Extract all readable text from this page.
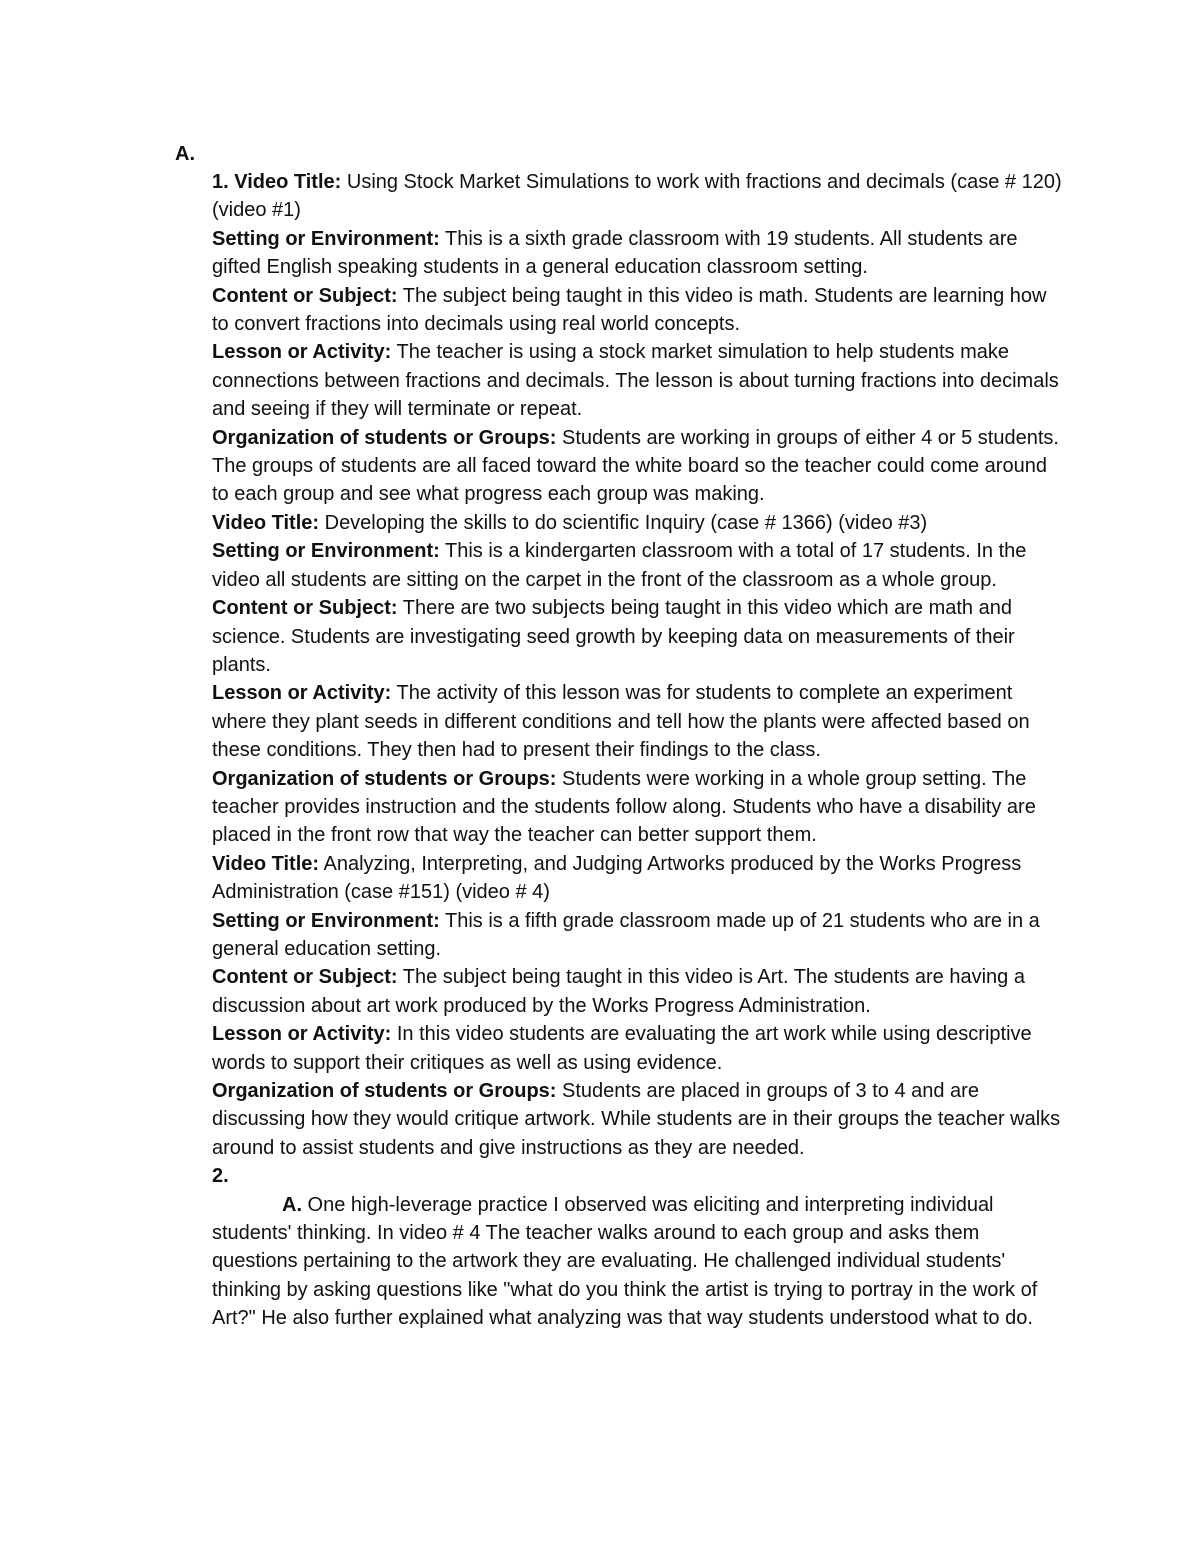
A.

1. Video Title: Using Stock Market Simulations to work with fractions and decimals (case # 120) (video #1)

Setting or Environment: This is a sixth grade classroom with 19 students. All students are gifted English speaking students in a general education classroom setting.

Content or Subject: The subject being taught in this video is math. Students are learning how to convert fractions into decimals using real world concepts.

Lesson or Activity: The teacher is using a stock market simulation to help students make connections between fractions and decimals. The lesson is about turning fractions into decimals and seeing if they will terminate or repeat.

Organization of students or Groups: Students are working in groups of either 4 or 5 students. The groups of students are all faced toward the white board so the teacher could come around to each group and see what progress each group was making.

Video Title: Developing the skills to do scientific Inquiry (case # 1366) (video #3)

Setting or Environment: This is a kindergarten classroom with a total of 17 students. In the video all students are sitting on the carpet in the front of the classroom as a whole group.

Content or Subject: There are two subjects being taught in this video which are math and science. Students are investigating seed growth by keeping data on measurements of their plants.

Lesson or Activity: The activity of this lesson was for students to complete an experiment where they plant seeds in different conditions and tell how the plants were affected based on these conditions. They then had to present their findings to the class.

Organization of students or Groups: Students were working in a whole group setting. The teacher provides instruction and the students follow along. Students who have a disability are placed in the front row that way the teacher can better support them.

Video Title: Analyzing, Interpreting, and Judging Artworks produced by the Works Progress Administration (case #151) (video # 4)

Setting or Environment: This is a fifth grade classroom made up of 21 students who are in a general education setting.

Content or Subject: The subject being taught in this video is Art. The students are having a discussion about art work produced by the Works Progress Administration.

Lesson or Activity: In this video students are evaluating the art work while using descriptive words to support their critiques as well as using evidence.

Organization of students or Groups: Students are placed in groups of 3 to 4 and are discussing how they would critique artwork. While students are in their groups the teacher walks around to assist students and give instructions as they are needed.

2.

A. One high-leverage practice I observed was eliciting and interpreting individual students' thinking. In video # 4 The teacher walks around to each group and asks them questions pertaining to the artwork they are evaluating. He challenged individual students' thinking by asking questions like "what do you think the artist is trying to portray in the work of Art?" He also further explained what analyzing was that way students understood what to do.
